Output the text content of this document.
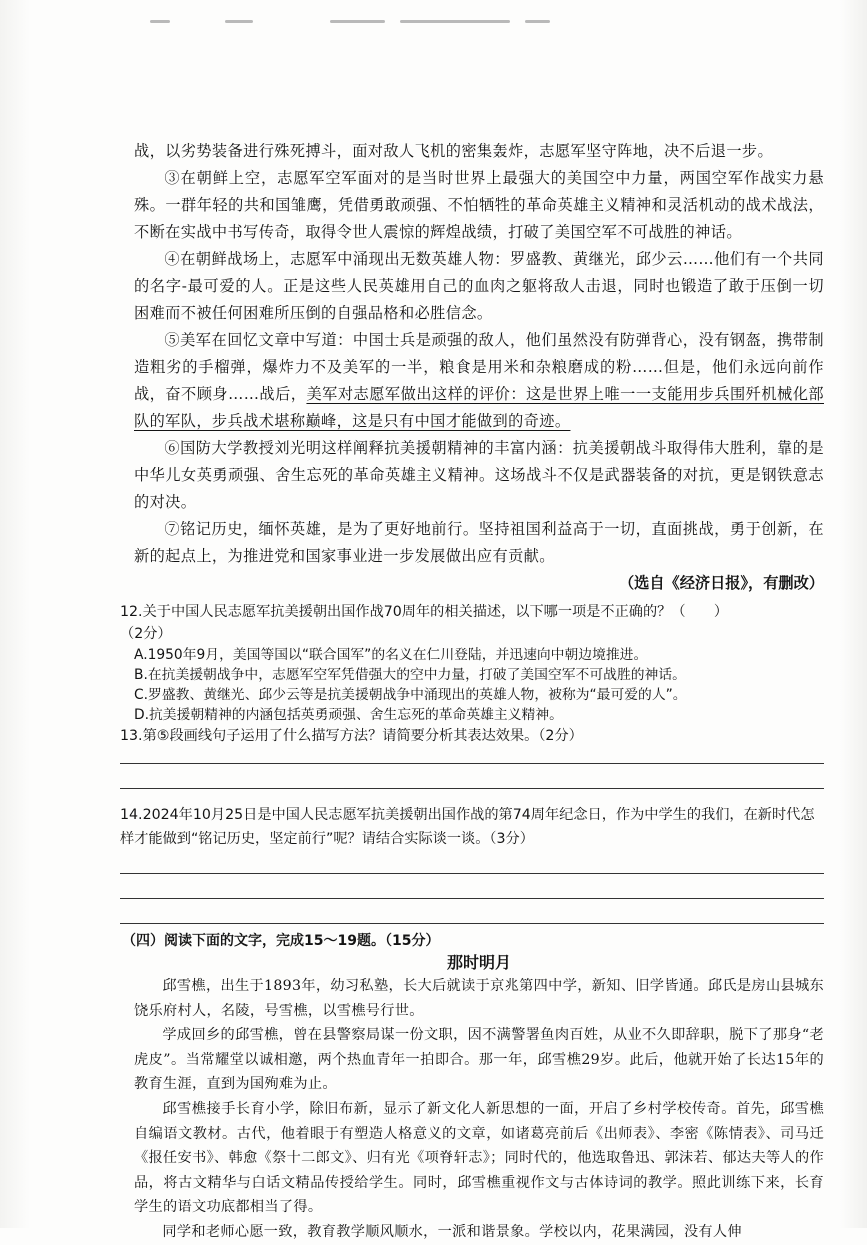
战，以劣势装备进行殊死搏斗，面对敌人飞机的密集轰炸，志愿军坚守阵地，决不后退一步。

③在朝鲜上空，志愿军空军面对的是当时世界上最强大的美国空中力量，两国空军作战实力悬殊。一群年轻的共和国雏鹰，凭借勇敢顽强、不怕牺牲的革命英雄主义精神和灵活机动的战术战法，不断在实战中书写传奇，取得令世人震惊的辉煌战绩，打破了美国空军不可战胜的神话。

④在朝鲜战场上，志愿军中涌现出无数英雄人物：罗盛教、黄继光，邱少云……他们有一个共同的名字-最可爱的人。正是这些人民英雄用自己的血肉之躯将敌人击退，同时也锻造了敢于压倒一切困难而不被任何困难所压倒的自强品格和必胜信念。

⑤美军在回忆文章中写道：中国士兵是顽强的敌人，他们虽然没有防弹背心，没有钢盔，携带制造粗劣的手榴弹，爆炸力不及美军的一半，粮食是用米和杂粮磨成的粉……但是，他们永远向前作战，奋不顾身……战后，美军对志愿军做出这样的评价：这是世界上唯一一支能用步兵围歼机械化部队的军队，步兵战术堪称巅峰，这是只有中国才能做到的奇迹。

⑥国防大学教授刘光明这样阐释抗美援朝精神的丰富内涵：抗美援朝战斗取得伟大胜利，靠的是中华儿女英勇顽强、舍生忘死的革命英雄主义精神。这场战斗不仅是武器装备的对抗，更是钢铁意志的对决。

⑦铭记历史，缅怀英雄，是为了更好地前行。坚持祖国利益高于一切，直面挑战，勇于创新，在新的起点上，为推进党和国家事业进一步发展做出应有贡献。

（选自《经济日报》，有删改）

12.关于中国人民志愿军抗美援朝出国作战70周年的相关描述，以下哪一项是不正确的？（　　）

（2分）

A.1950年9月，美国等国以“联合国军”的名义在仁川登陆，并迅速向中朝边境推进。

B.在抗美援朝战争中，志愿军空军凭借强大的空中力量，打破了美国空军不可战胜的神话。

C.罗盛教、黄继光、邱少云等是抗美援朝战争中涌现出的英雄人物，被称为“最可爱的人”。

D.抗美援朝精神的内涵包括英勇顽强、舍生忘死的革命英雄主义精神。

13.第⑤段画线句子运用了什么描写方法？请简要分析其表达效果。（2分）

14.2024年10月25日是中国人民志愿军抗美援朝出国作战的第74周年纪念日，作为中学生的我们，在新时代怎样才能做到“铭记历史，坚定前行”呢？请结合实际谈一谈。（3分）

（四）阅读下面的文字，完成15～19题。（15分）

那时明月

邱雪樵，出生于1893年，幼习私塾，长大后就读于京兆第四中学，新知、旧学皆通。邱氏是房山县城东饶乐府村人，名陵，号雪樵，以雪樵号行世。

学成回乡的邱雪樵，曾在县警察局谋一份文职，因不满警署鱼肉百姓，从业不久即辞职，脱下了那身“老虎皮”。当常耀堂以诚相邀，两个热血青年一拍即合。那一年，邱雪樵29岁。此后，他就开始了长达15年的教育生涯，直到为国殉难为止。

邱雪樵接手长育小学，除旧布新，显示了新文化人新思想的一面，开启了乡村学校传奇。首先，邱雪樵自编语文教材。古代，他着眼于有塑造人格意义的文章，如诸葛亮前后《出师表》、李密《陈情表》、司马迁《报任安书》、韩愈《祭十二郎文》、归有光《项脊轩志》；同时代的，他选取鲁迅、郭沫若、郁达夫等人的作品，将古文精华与白话文精品传授给学生。同时，邱雪樵重视作文与古体诗词的教学。照此训练下来，长育学生的语文功底都相当了得。

同学和老师心愿一致，教育教学顺风顺水，一派和谐景象。学校以内，花果满园，没有人伸
